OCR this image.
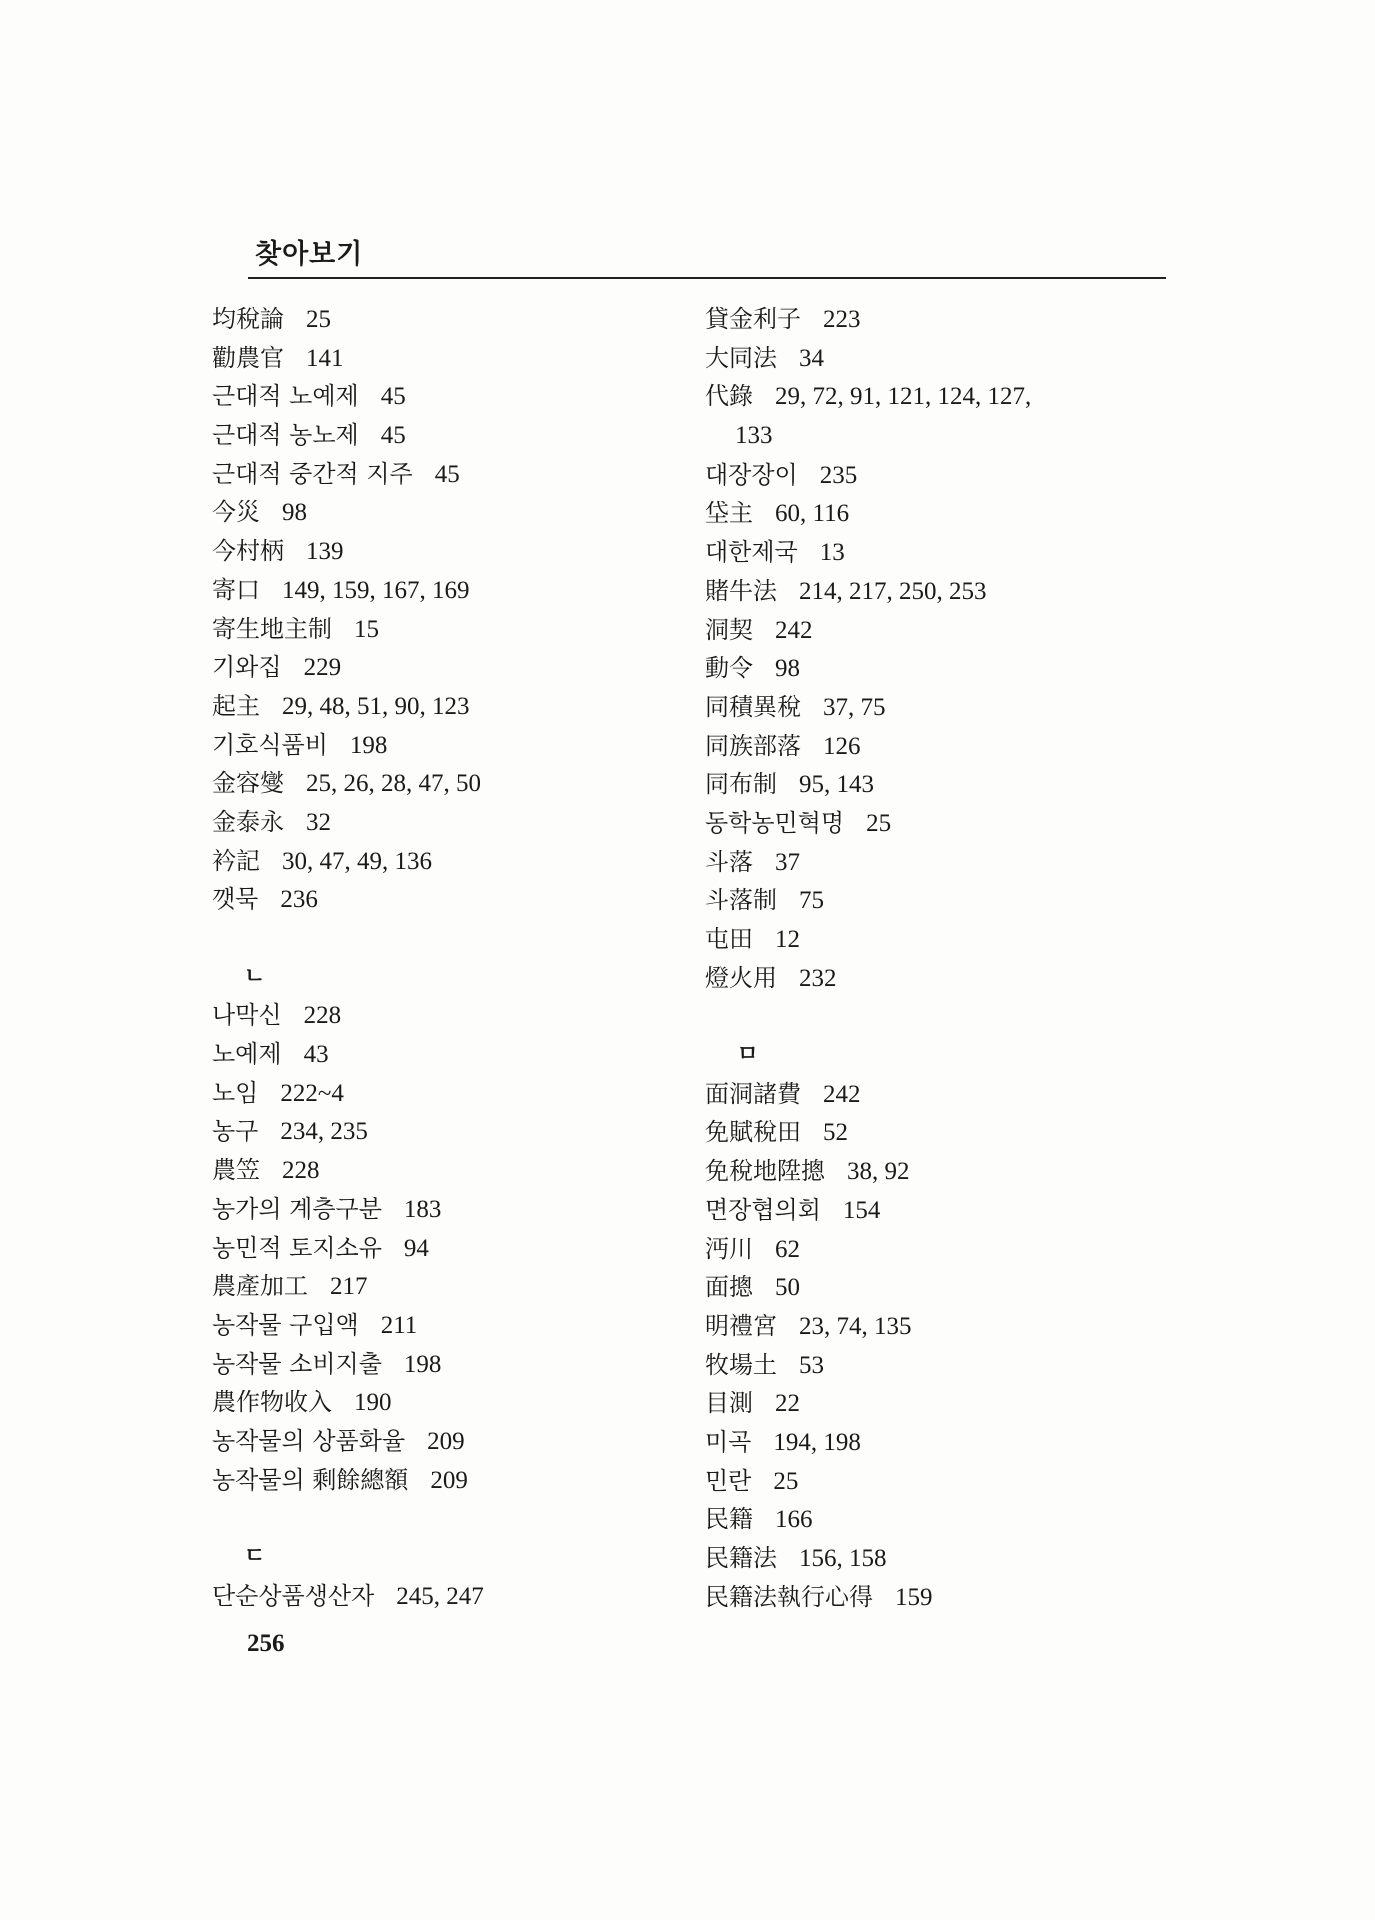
찾아보기
均稅論 25
勸農官 141
근대적 노예제 45
근대적 농노제 45
근대적 중간적 지주 45
今災 98
今村柄 139
寄口 149, 159, 167, 169
寄生地主制 15
기와집 229
起主 29, 48, 51, 90, 123
기호식품비 198
金容燮 25, 26, 28, 47, 50
金泰永 32
衿記 30, 47, 49, 136
깻묵 236
ㄴ
나막신 228
노예제 43
노임 222~4
농구 234, 235
農笠 228
농가의 계층구분 183
농민적 토지소유 94
農產加工 217
농작물 구입액 211
농작물 소비지출 198
農作物收入 190
농작물의 상품화율 209
농작물의 剩餘總額 209
ㄷ
단순상품생산자 245, 247
貸金利子 223
大同法 34
代錄 29, 72, 91, 121, 124, 127,
133
대장장이 235
垈主 60, 116
대한제국 13
賭牛法 214, 217, 250, 253
洞契 242
動令 98
同積異稅 37, 75
同族部落 126
同布制 95, 143
동학농민혁명 25
斗落 37
斗落制 75
屯田 12
燈火用 232
ㅁ
面洞諸費 242
免賦稅田 52
免稅地陞摠 38, 92
면장협의회 154
沔川 62
面摠 50
明禮宮 23, 74, 135
牧場土 53
目測 22
미곡 194, 198
민란 25
民籍 166
民籍法 156, 158
民籍法執行心得 159
256
